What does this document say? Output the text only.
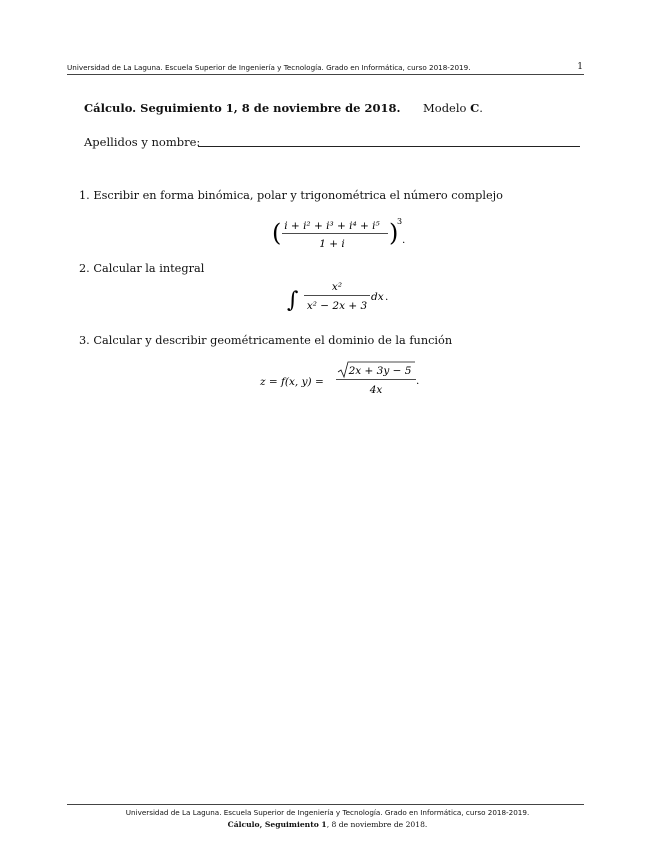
Universidad de La Laguna. Escuela Superior de Ingeniería y Tecnología. Grado en Informática, curso 2018-2019.	1
Cálculo. Seguimiento 1, 8 de noviembre de 2018. Modelo C.
Apellidos y nombre:
1. Escribir en forma binómica, polar y trigonométrica el número complejo
( i + i² + i³ + i⁴ + i⁵
1 + i )
3
.
2. Calcular la integral
∫
x²
x² − 2x + 3
dx .
3. Calcular y describir geométricamente el dominio de la función
z = f(x, y) =
2x + 3y − 5
4x
.
Universidad de La Laguna. Escuela Superior de Ingeniería y Tecnología. Grado en Informática, curso 2018-2019.
Cálculo, Seguimiento 1, 8 de noviembre de 2018.
